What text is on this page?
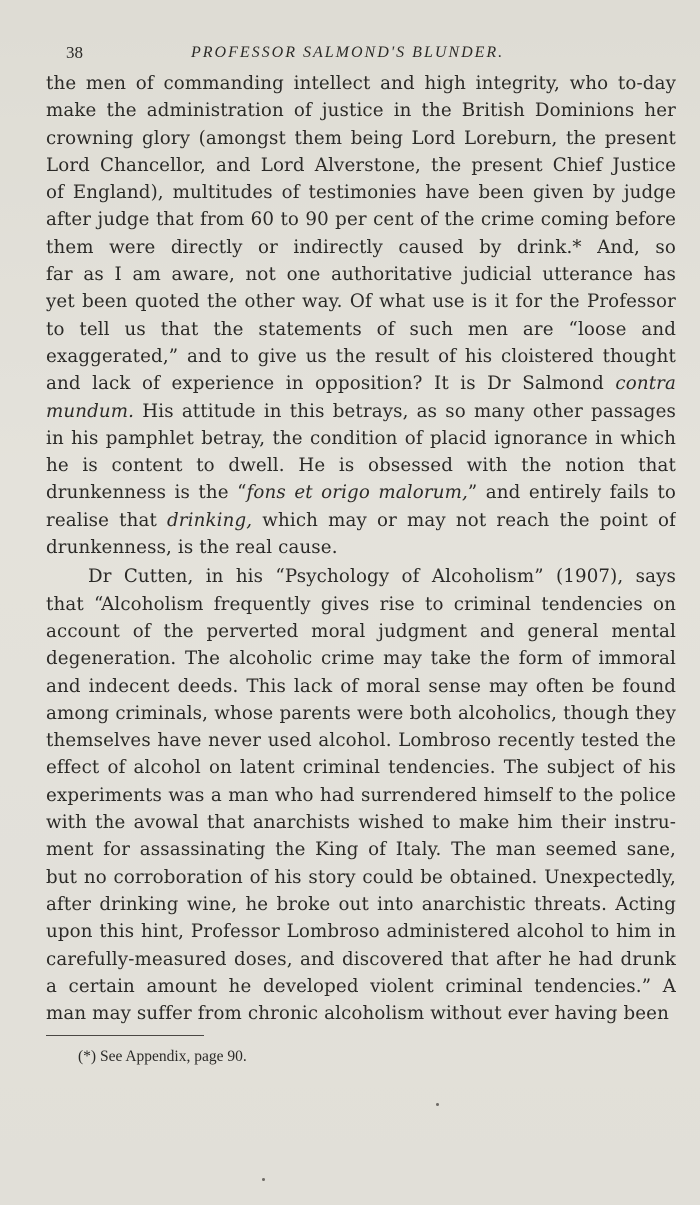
38	PROFESSOR SALMOND'S BLUNDER.
the men of commanding intellect and high integrity, who to-day
make the administration of justice in the British Dominions her
crowning glory (amongst them being Lord Loreburn, the present
Lord Chancellor, and Lord Alverstone, the present Chief Justice
of England), multitudes of testimonies have been given by judge
after judge that from 60 to 90 per cent of the crime coming before
them were directly or indirectly caused by drink.* And, so
far as I am aware, not one authoritative judicial utterance has
yet been quoted the other way. Of what use is it for the Professor
to tell us that the statements of such men are “loose and
exaggerated,” and to give us the result of his cloistered thought
and lack of experience in opposition? It is Dr Salmond contra
mundum. His attitude in this betrays, as so many other passages
in his pamphlet betray, the condition of placid ignorance in which
he is content to dwell. He is obsessed with the notion that
drunkenness is the “fons et origo malorum,” and entirely fails to
realise that drinking, which may or may not reach the point of
drunkenness, is the real cause.
Dr Cutten, in his “Psychology of Alcoholism” (1907), says
that “Alcoholism frequently gives rise to criminal tendencies on
account of the perverted moral judgment and general mental
degeneration. The alcoholic crime may take the form of immoral
and indecent deeds. This lack of moral sense may often be found
among criminals, whose parents were both alcoholics, though they
themselves have never used alcohol. Lombroso recently tested the
effect of alcohol on latent criminal tendencies. The subject of his
experiments was a man who had surrendered himself to the police
with the avowal that anarchists wished to make him their instru-
ment for assassinating the King of Italy. The man seemed sane,
but no corroboration of his story could be obtained. Unexpectedly,
after drinking wine, he broke out into anarchistic threats. Acting
upon this hint, Professor Lombroso administered alcohol to him in
carefully-measured doses, and discovered that after he had drunk
a certain amount he developed violent criminal tendencies.” A
man may suffer from chronic alcoholism without ever having been
(*) See Appendix, page 90.
